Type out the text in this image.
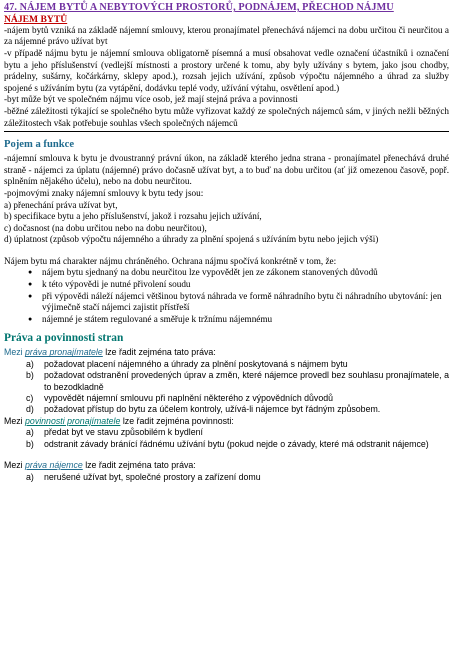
47. NÁJEM BYTŮ A NEBYTOVÝCH PROSTORŮ, PODNÁJEM, PŘECHOD NÁJMU
NÁJEM BYTŮ
-nájem bytů vzniká na základě nájemní smlouvy, kterou pronajímatel přenechává nájemci na dobu určitou či neurčitou a za nájemné právo užívat byt
-v případě nájmu bytu je nájemní smlouva obligatorně písemná a musí obsahovat vedle označení účastníků i označení bytu a jeho příslušenství (vedlejší místnosti a prostory určené k tomu, aby byly užívány s bytem, jako jsou chodby, prádelny, sušárny, kočárkárny, sklepy apod.), rozsah jejich užívání, způsob výpočtu nájemného a úhrad za služby spojené s užíváním bytu (za vytápění, dodávku teplé vody, užívání výtahu, osvětlení apod.)
-byt může být ve společném nájmu více osob, jež mají stejná práva a povinnosti
-běžné záležitosti týkající se společného bytu může vyřizovat každý ze společných nájemců sám, v jiných nežli běžných záležitostech však potřebuje souhlas všech společných nájemců
Pojem a funkce
-nájemní smlouva k bytu je dvoustranný právní úkon, na základě kterého jedna strana - pronajímatel přenechává druhé straně - nájemci za úplatu (nájemné) právo dočasně užívat byt, a to buď na dobu určitou (ať již omezenou časově, popř. splněním nějakého účelu), nebo na dobu neurčitou.
-pojmovými znaky nájemní smlouvy k bytu tedy jsou:
a) přenechání práva užívat byt,
b) specifikace bytu a jeho příslušenství, jakož i rozsahu jejich užívání,
c) dočasnost (na dobu určitou nebo na dobu neurčitou),
d) úplatnost (způsob výpočtu nájemného a úhrady za plnění spojená s užíváním bytu nebo jejich výši)
Nájem bytu má charakter nájmu chráněného. Ochrana nájmu spočívá konkrétně v tom, že:
● nájem bytu sjednaný na dobu neurčitou lze vypovědět jen ze zákonem stanovených důvodů
● k této výpovědi je nutné přivolení soudu
● při výpovědi náleží nájemci většinou bytová náhrada ve formě náhradního bytu či náhradního ubytování: jen výjimečně stačí nájemci zajistit přístřeší
● nájemné je státem regulované a směřuje k tržnímu nájemnému
Práva a povinnosti stran
Mezi práva pronajímatele lze řadit zejména tato práva:
a) požadovat placení nájemného a úhrady za plnění poskytovaná s nájmem bytu
b) požadovat odstranění provedených úprav a změn, které nájemce provedl bez souhlasu pronajímatele, a to bezodkladně
c) vypovědět nájemní smlouvu při naplnění některého z výpovědních důvodů
d) požadovat přístup do bytu za účelem kontroly, užívá-li nájemce byt řádným způsobem.
Mezi povinnosti pronajímatele lze řadit zejména povinnosti:
a) předat byt ve stavu způsobilém k bydlení
b) odstranit závady bránící řádnému užívání bytu (pokud nejde o závady, které má odstranit nájemce)
Mezi práva nájemce lze řadit zejména tato práva:
a) nerušené užívat byt, společné prostory a zařízení domu
